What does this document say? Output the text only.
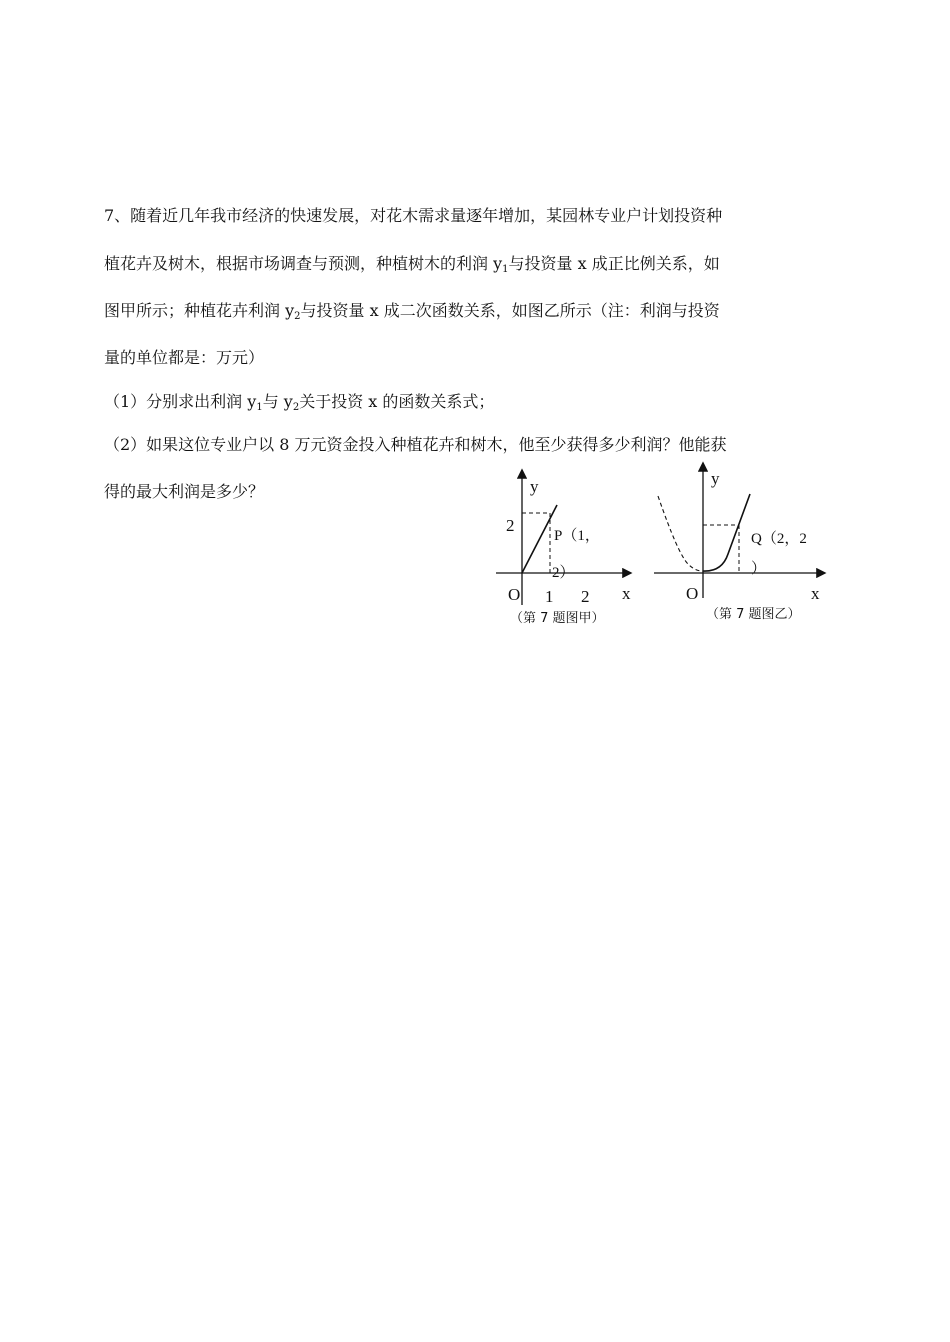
7、随着近几年我市经济的快速发展，对花木需求量逐年增加，某园林专业户计划投资种
植花卉及树木，根据市场调查与预测，种植树木的利润 $y_1$与投资量 x 成正比例关系，如
图甲所示；种植花卉利润 $y_2$与投资量 x 成二次函数关系，如图乙所示（注：利润与投资
量的单位都是：万元）
（1）分别求出利润 $y_1$与 $y_2$关于投资 x 的函数关系式；
（2）如果这位专业户以 8 万元资金投入种植花卉和树木，他至少获得多少利润？他能获
得的最大利润是多少？	y
2
P（1，
2）
O 1 2 x
（第 7 题图甲）
y
Q（2，2
）
O	x
（第 7 题图乙）
